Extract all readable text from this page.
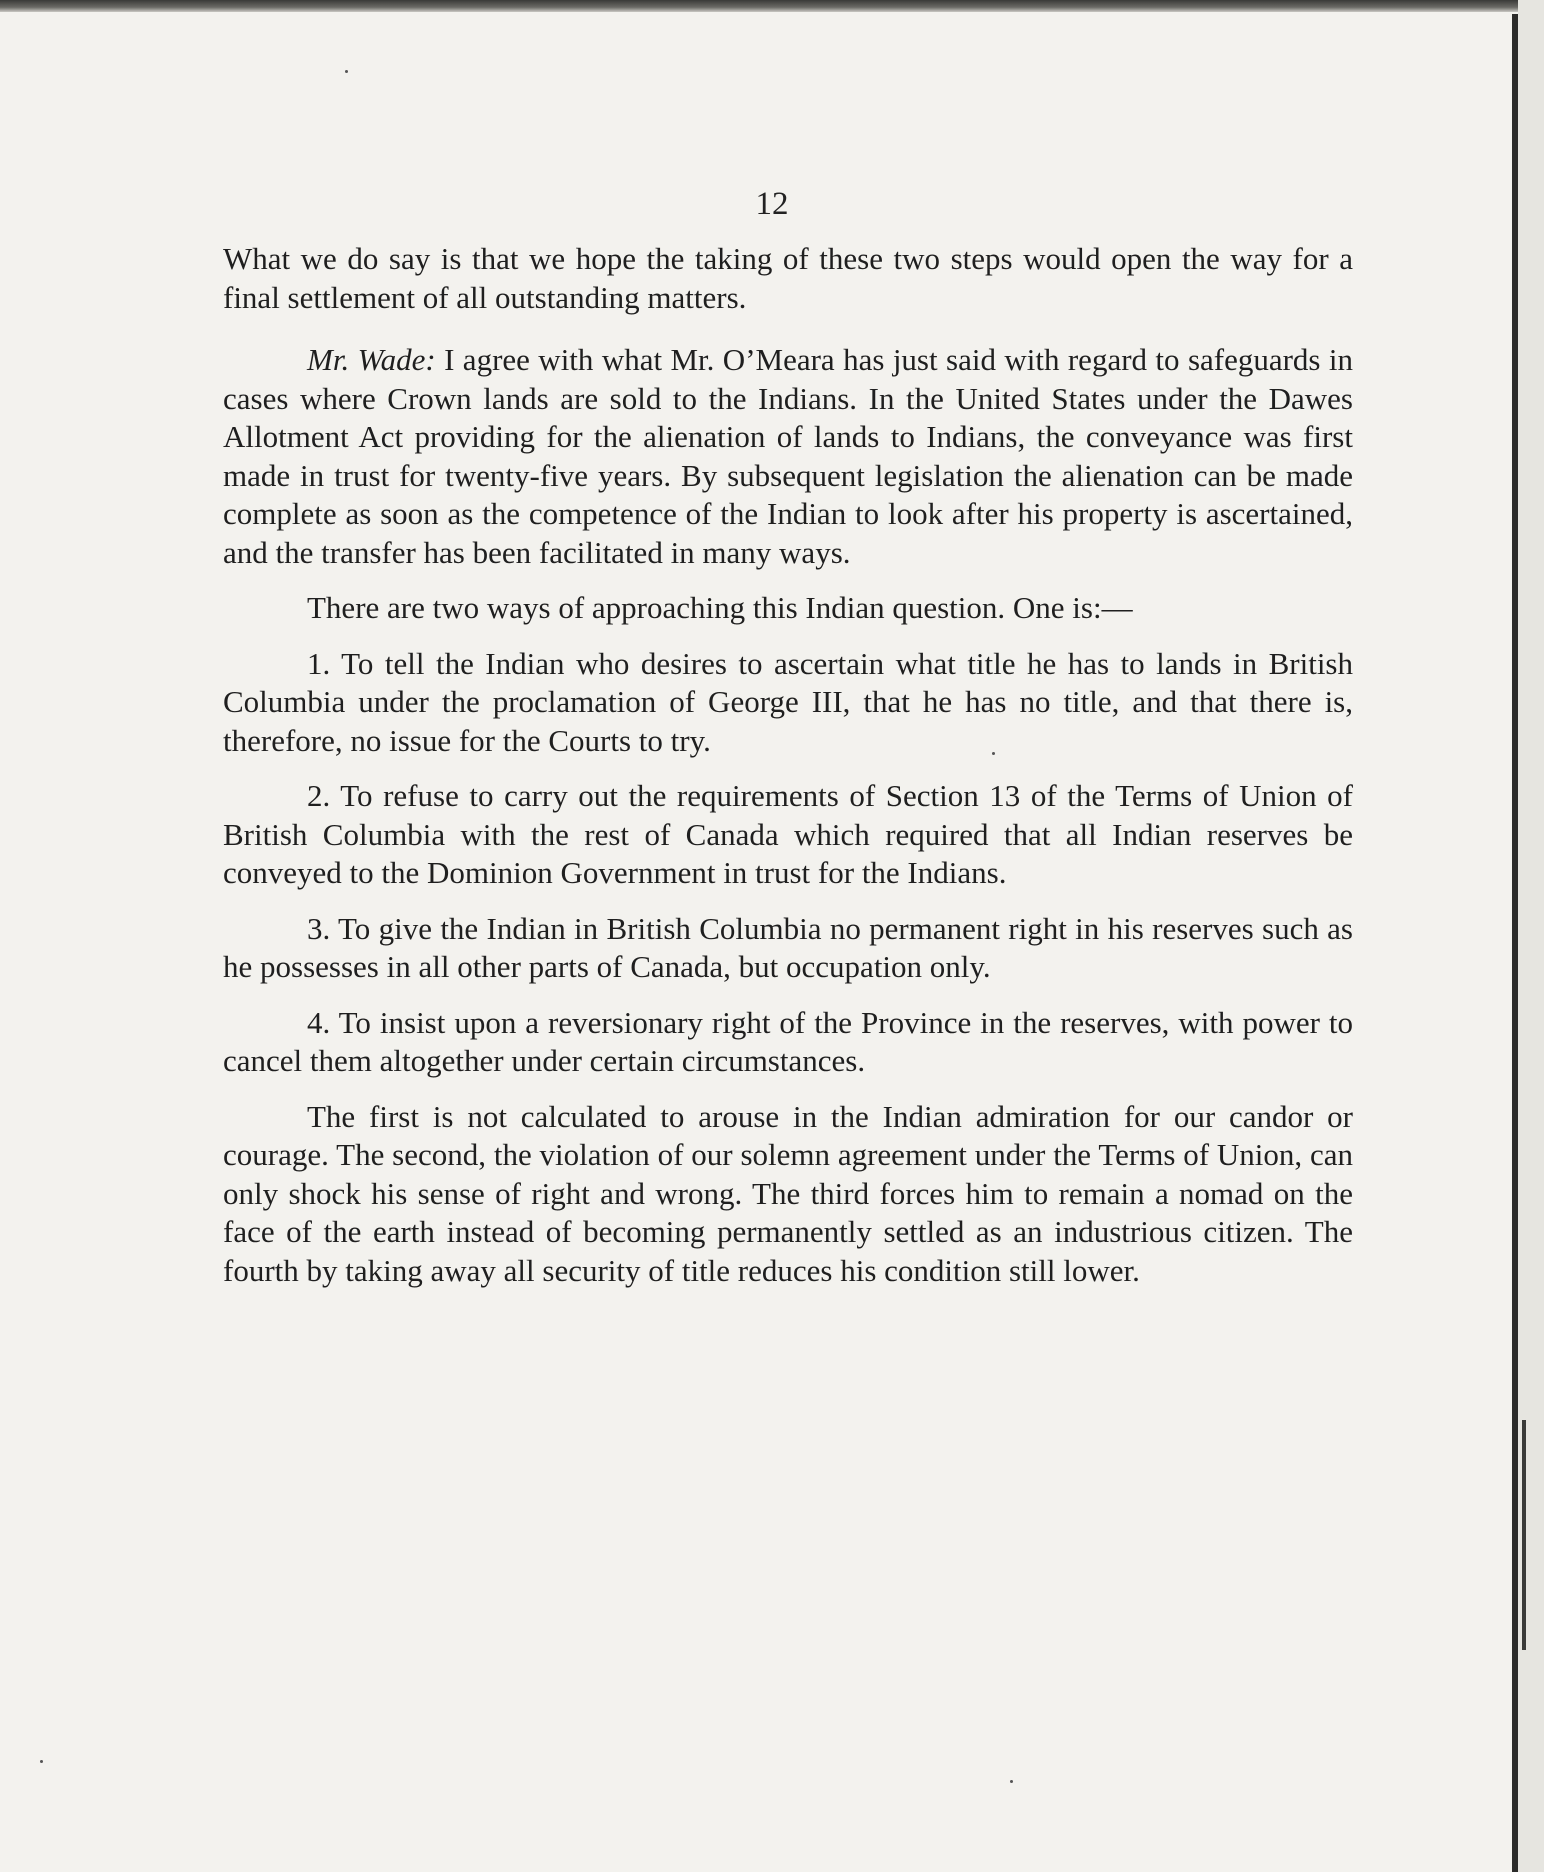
12

What we do say is that we hope the taking of these two steps would open the way for a final settlement of all outstanding matters.

Mr. Wade: I agree with what Mr. O’Meara has just said with regard to safeguards in cases where Crown lands are sold to the Indians. In the United States under the Dawes Allotment Act providing for the alienation of lands to Indians, the conveyance was first made in trust for twenty-five years. By subsequent legislation the alienation can be made complete as soon as the competence of the Indian to look after his property is ascertained, and the transfer has been facilitated in many ways.

There are two ways of approaching this Indian question. One is:—

1. To tell the Indian who desires to ascertain what title he has to lands in British Columbia under the proclamation of George III, that he has no title, and that there is, therefore, no issue for the Courts to try.

2. To refuse to carry out the requirements of Section 13 of the Terms of Union of British Columbia with the rest of Canada which required that all Indian reserves be conveyed to the Dominion Government in trust for the Indians.

3. To give the Indian in British Columbia no permanent right in his reserves such as he possesses in all other parts of Canada, but occupation only.

4. To insist upon a reversionary right of the Province in the reserves, with power to cancel them altogether under certain circumstances.

The first is not calculated to arouse in the Indian admiration for our candor or courage. The second, the violation of our solemn agreement under the Terms of Union, can only shock his sense of right and wrong. The third forces him to remain a nomad on the face of the earth instead of becoming permanently settled as an industrious citizen. The fourth by taking away all security of title reduces his condition still lower.
